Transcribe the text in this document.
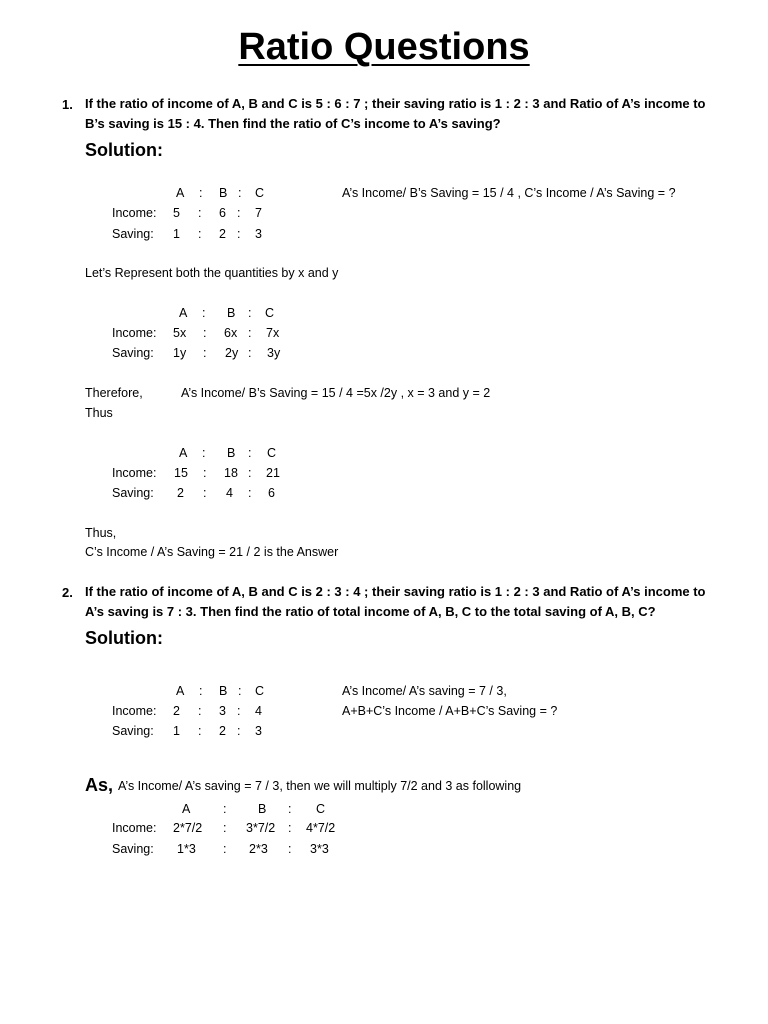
Ratio Questions
1. If the ratio of income of A, B and C is 5 : 6 : 7 ; their saving ratio is 1 : 2 : 3 and Ratio of A’s income to
B’s saving is 15 : 4. Then find the ratio of C’s income to A’s saving?
Solution:
A : B : C
Income: 5 : 6 : 7
Saving: 1 : 2 : 3
A’s Income/ B’s Saving = 15 / 4 , C’s Income / A’s Saving = ?
Let’s Represent both the quantities by x and y
A : B : C
Income: 5x : 6x : 7x
Saving: 1y : 2y : 3y
Therefore,	A’s Income/ B’s Saving = 15 / 4 =5x /2y , x = 3 and y = 2
Thus
A : B : C
Income: 15 : 18 : 21
Saving: 2 : 4 : 6
Thus,
C’s Income / A’s Saving = 21 / 2 is the Answer
2. If the ratio of income of A, B and C is 2 : 3 : 4 ; their saving ratio is 1 : 2 : 3 and Ratio of A’s income to
A’s saving is 7 : 3. Then find the ratio of total income of A, B, C to the total saving of A, B, C?
Solution:
A : B : C
Income: 2 : 3 : 4
Saving: 1 : 2 : 3
A’s Income/ A’s saving = 7 / 3,
A+B+C’s Income / A+B+C’s Saving = ?
As, A’s Income/ A’s saving = 7 / 3, then we will multiply 7/2 and 3 as following
A	:	B : C
Income: 2*7/2 : 3*7/2 : 4*7/2
Saving: 1*3 : 2*3 : 3*3
